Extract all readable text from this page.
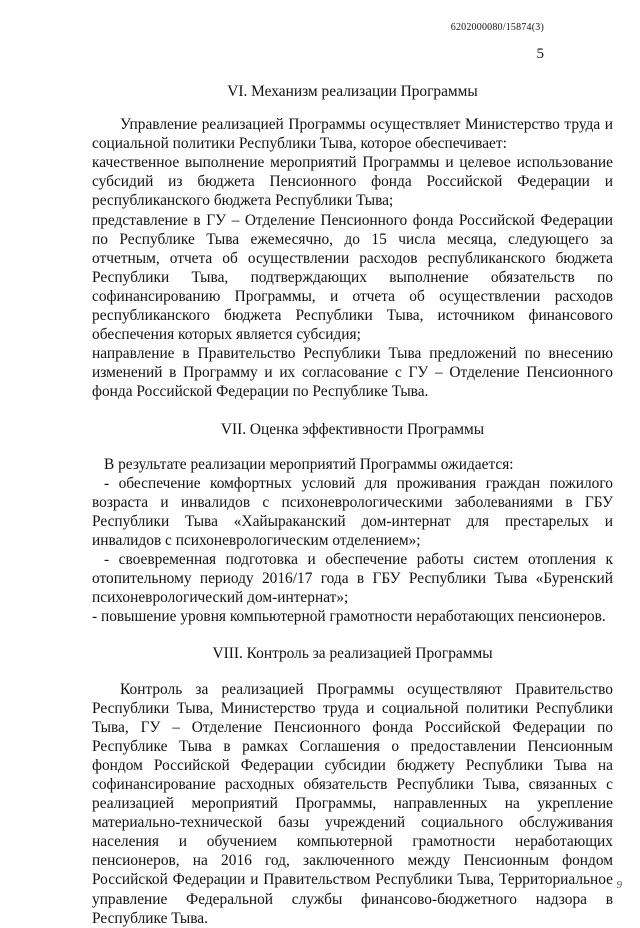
6202000080/15874(3)
5

VI. Механизм реализации Программы

Управление реализацией Программы осуществляет Министерство труда и социальной политики Республики Тыва, которое обеспечивает:

качественное выполнение мероприятий Программы и целевое использование субсидий из бюджета Пенсионного фонда Российской Федерации и республиканского бюджета Республики Тыва;

представление в ГУ – Отделение Пенсионного фонда Российской Федерации по Республике Тыва ежемесячно, до 15 числа месяца, следующего за отчетным, отчета об осуществлении расходов республиканского бюджета Республики Тыва, подтверждающих выполнение обязательств по софинансированию Программы, и отчета об осуществлении расходов республиканского бюджета Республики Тыва, источником финансового обеспечения которых является субсидия;

направление в Правительство Республики Тыва предложений по внесению изменений в Программу и их согласование с ГУ – Отделение Пенсионного фонда Российской Федерации по Республике Тыва.

VII. Оценка эффективности Программы

В результате реализации мероприятий Программы ожидается:

- обеспечение комфортных условий для проживания граждан пожилого возраста и инвалидов с психоневрологическими заболеваниями в ГБУ Республики Тыва «Хайыраканский дом-интернат для престарелых и инвалидов с психоневрологическим отделением»;

- своевременная подготовка и обеспечение работы систем отопления к отопительному периоду 2016/17 года в ГБУ Республики Тыва «Буренский психоневрологический дом-интернат»;

- повышение уровня компьютерной грамотности неработающих пенсионеров.

VIII. Контроль за реализацией Программы

Контроль за реализацией Программы осуществляют Правительство Республики Тыва, Министерство труда и социальной политики Республики Тыва, ГУ – Отделение Пенсионного фонда Российской Федерации по Республике Тыва в рамках Соглашения о предоставлении Пенсионным фондом Российской Федерации субсидии бюджету Республики Тыва на софинансирование расходных обязательств Республики Тыва, связанных с реализацией мероприятий Программы, направленных на укрепление материально-технической базы учреждений социального обслуживания населения и обучением компьютерной грамотности неработающих пенсионеров, на 2016 год, заключенного между Пенсионным фондом Российской Федерации и Правительством Республики Тыва, Территориальное управление Федеральной службы финансово-бюджетного надзора в Республике Тыва.

9
